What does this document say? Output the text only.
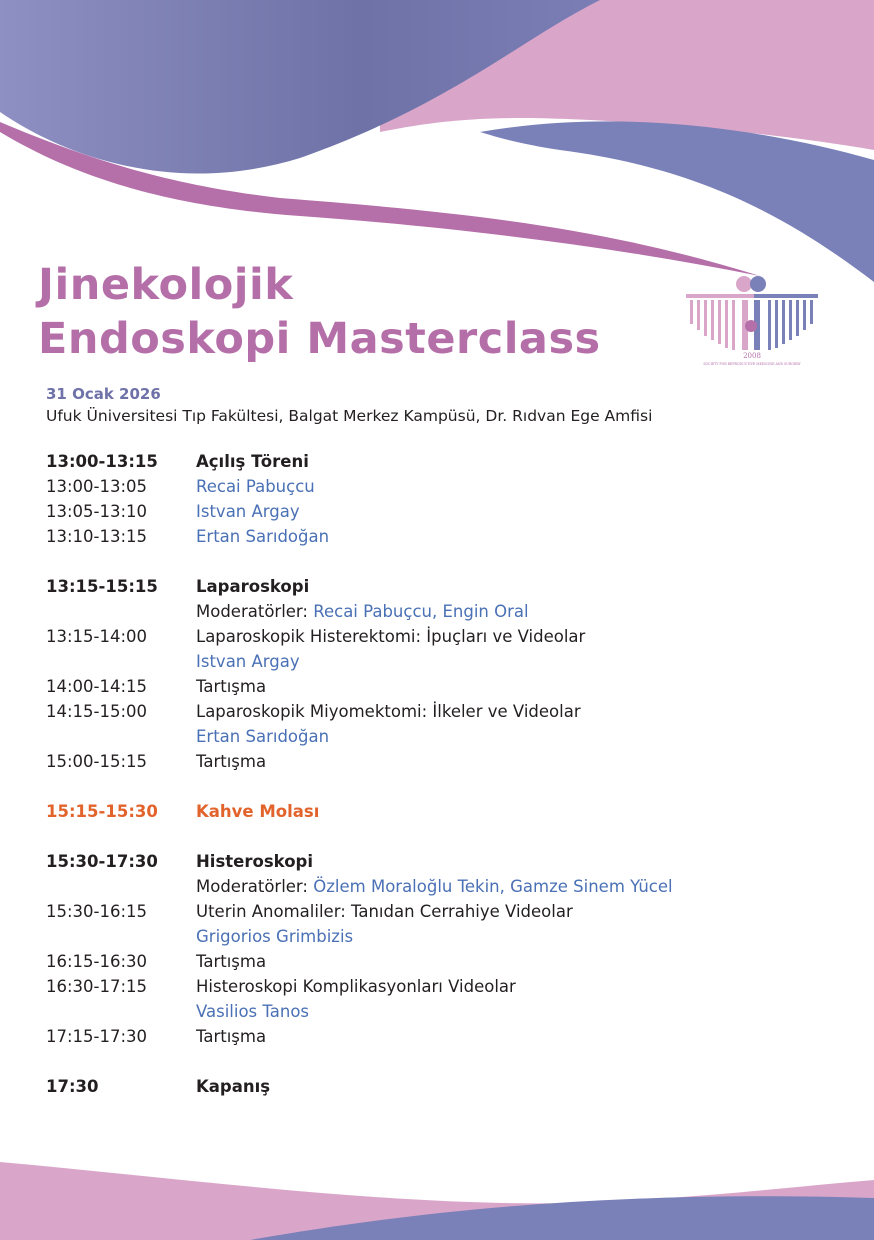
Jinekolojik
Endoskopi Masterclass	2008
SOCIETY FOR REPRODUCTIVE MEDICINE AND SURGERY
31 Ocak 2026
Ufuk Üniversitesi Tıp Fakültesi, Balgat Merkez Kampüsü, Dr. Rıdvan Ege Amfisi
13:00-13:15 Açılış Töreni
13:00-13:05	Recai Pabuçcu
13:05-13:10	Istvan Argay
13:10-13:15	Ertan Sarıdoğan
13:15-15:15 Laparoskopi
Moderatörler: Recai Pabuçcu, Engin Oral
13:15-14:00	Laparoskopik Histerektomi: İpuçları ve Videolar
Istvan Argay
14:00-14:15	Tartışma
14:15-15:00	Laparoskopik Miyomektomi: İlkeler ve Videolar
Ertan Sarıdoğan
15:00-15:15	Tartışma
15:15-15:30 Kahve Molası
15:30-17:30 Histeroskopi
Moderatörler: Özlem Moraloğlu Tekin, Gamze Sinem Yücel
15:30-16:15	Uterin Anomaliler: Tanıdan Cerrahiye Videolar
Grigorios Grimbizis
16:15-16:30	Tartışma
16:30-17:15	Histeroskopi Komplikasyonları Videolar
Vasilios Tanos
17:15-17:30	Tartışma
17:30	Kapanış
